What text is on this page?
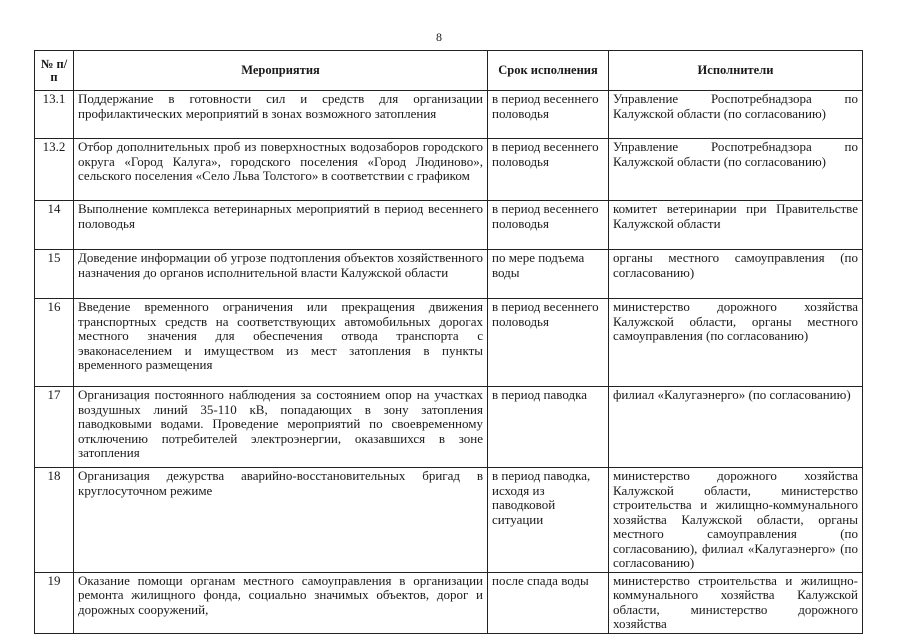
8
№ п/п	Мероприятия	Срок исполнения	Исполнители
13.1	Поддержание в готовности сил и средств для организации профилактических мероприятий в зонах возможного затопления	в период весеннего половодья	Управление Роспотребнадзора по Калужской области (по согласованию)
13.2	Отбор дополнительных проб из поверхностных водозаборов городского округа «Город Калуга», городского поселения «Город Людиново», сельского поселения «Село Льва Толстого» в соответствии с графиком	в период весеннего половодья	Управление Роспотребнадзора по Калужской области (по согласованию)
14	Выполнение комплекса ветеринарных мероприятий в период весеннего половодья	в период весеннего половодья	комитет ветеринарии при Правительстве Калужской области
15	Доведение информации об угрозе подтопления объектов хозяйственного назначения до органов исполнительной власти Калужской области	по мере подъема воды	органы местного самоуправления (по согласованию)
16	Введение временного ограничения или прекращения движения транспортных средств на соответствующих автомобильных дорогах местного значения для обеспечения отвода транспорта с эваконаселением и имуществом из мест затопления в пункты временного размещения	в период весеннего половодья	министерство дорожного хозяйства Калужской области, органы местного самоуправления (по согласованию)
17	Организация постоянного наблюдения за состоянием опор на участках воздушных линий 35-110 кВ, попадающих в зону затопления паводковыми водами. Проведение мероприятий по своевременному отключению потребителей электроэнергии, оказавшихся в зоне затопления	в период паводка	филиал «Калугаэнерго» (по согласованию)
18	Организация дежурства аварийно-восстановительных бригад в круглосуточном режиме	в период паводка, исходя из паводковой ситуации	министерство дорожного хозяйства Калужской области, министерство строительства и жилищно-коммунального хозяйства Калужской области, органы местного самоуправления (по согласованию), филиал «Калугаэнерго» (по согласованию)
19	Оказание помощи органам местного самоуправления в организации ремонта жилищного фонда, социально значимых объектов, дорог и дорожных сооружений,	после спада воды	министерство строительства и жилищно-коммунального хозяйства Калужской области, министерство дорожного хозяйства
